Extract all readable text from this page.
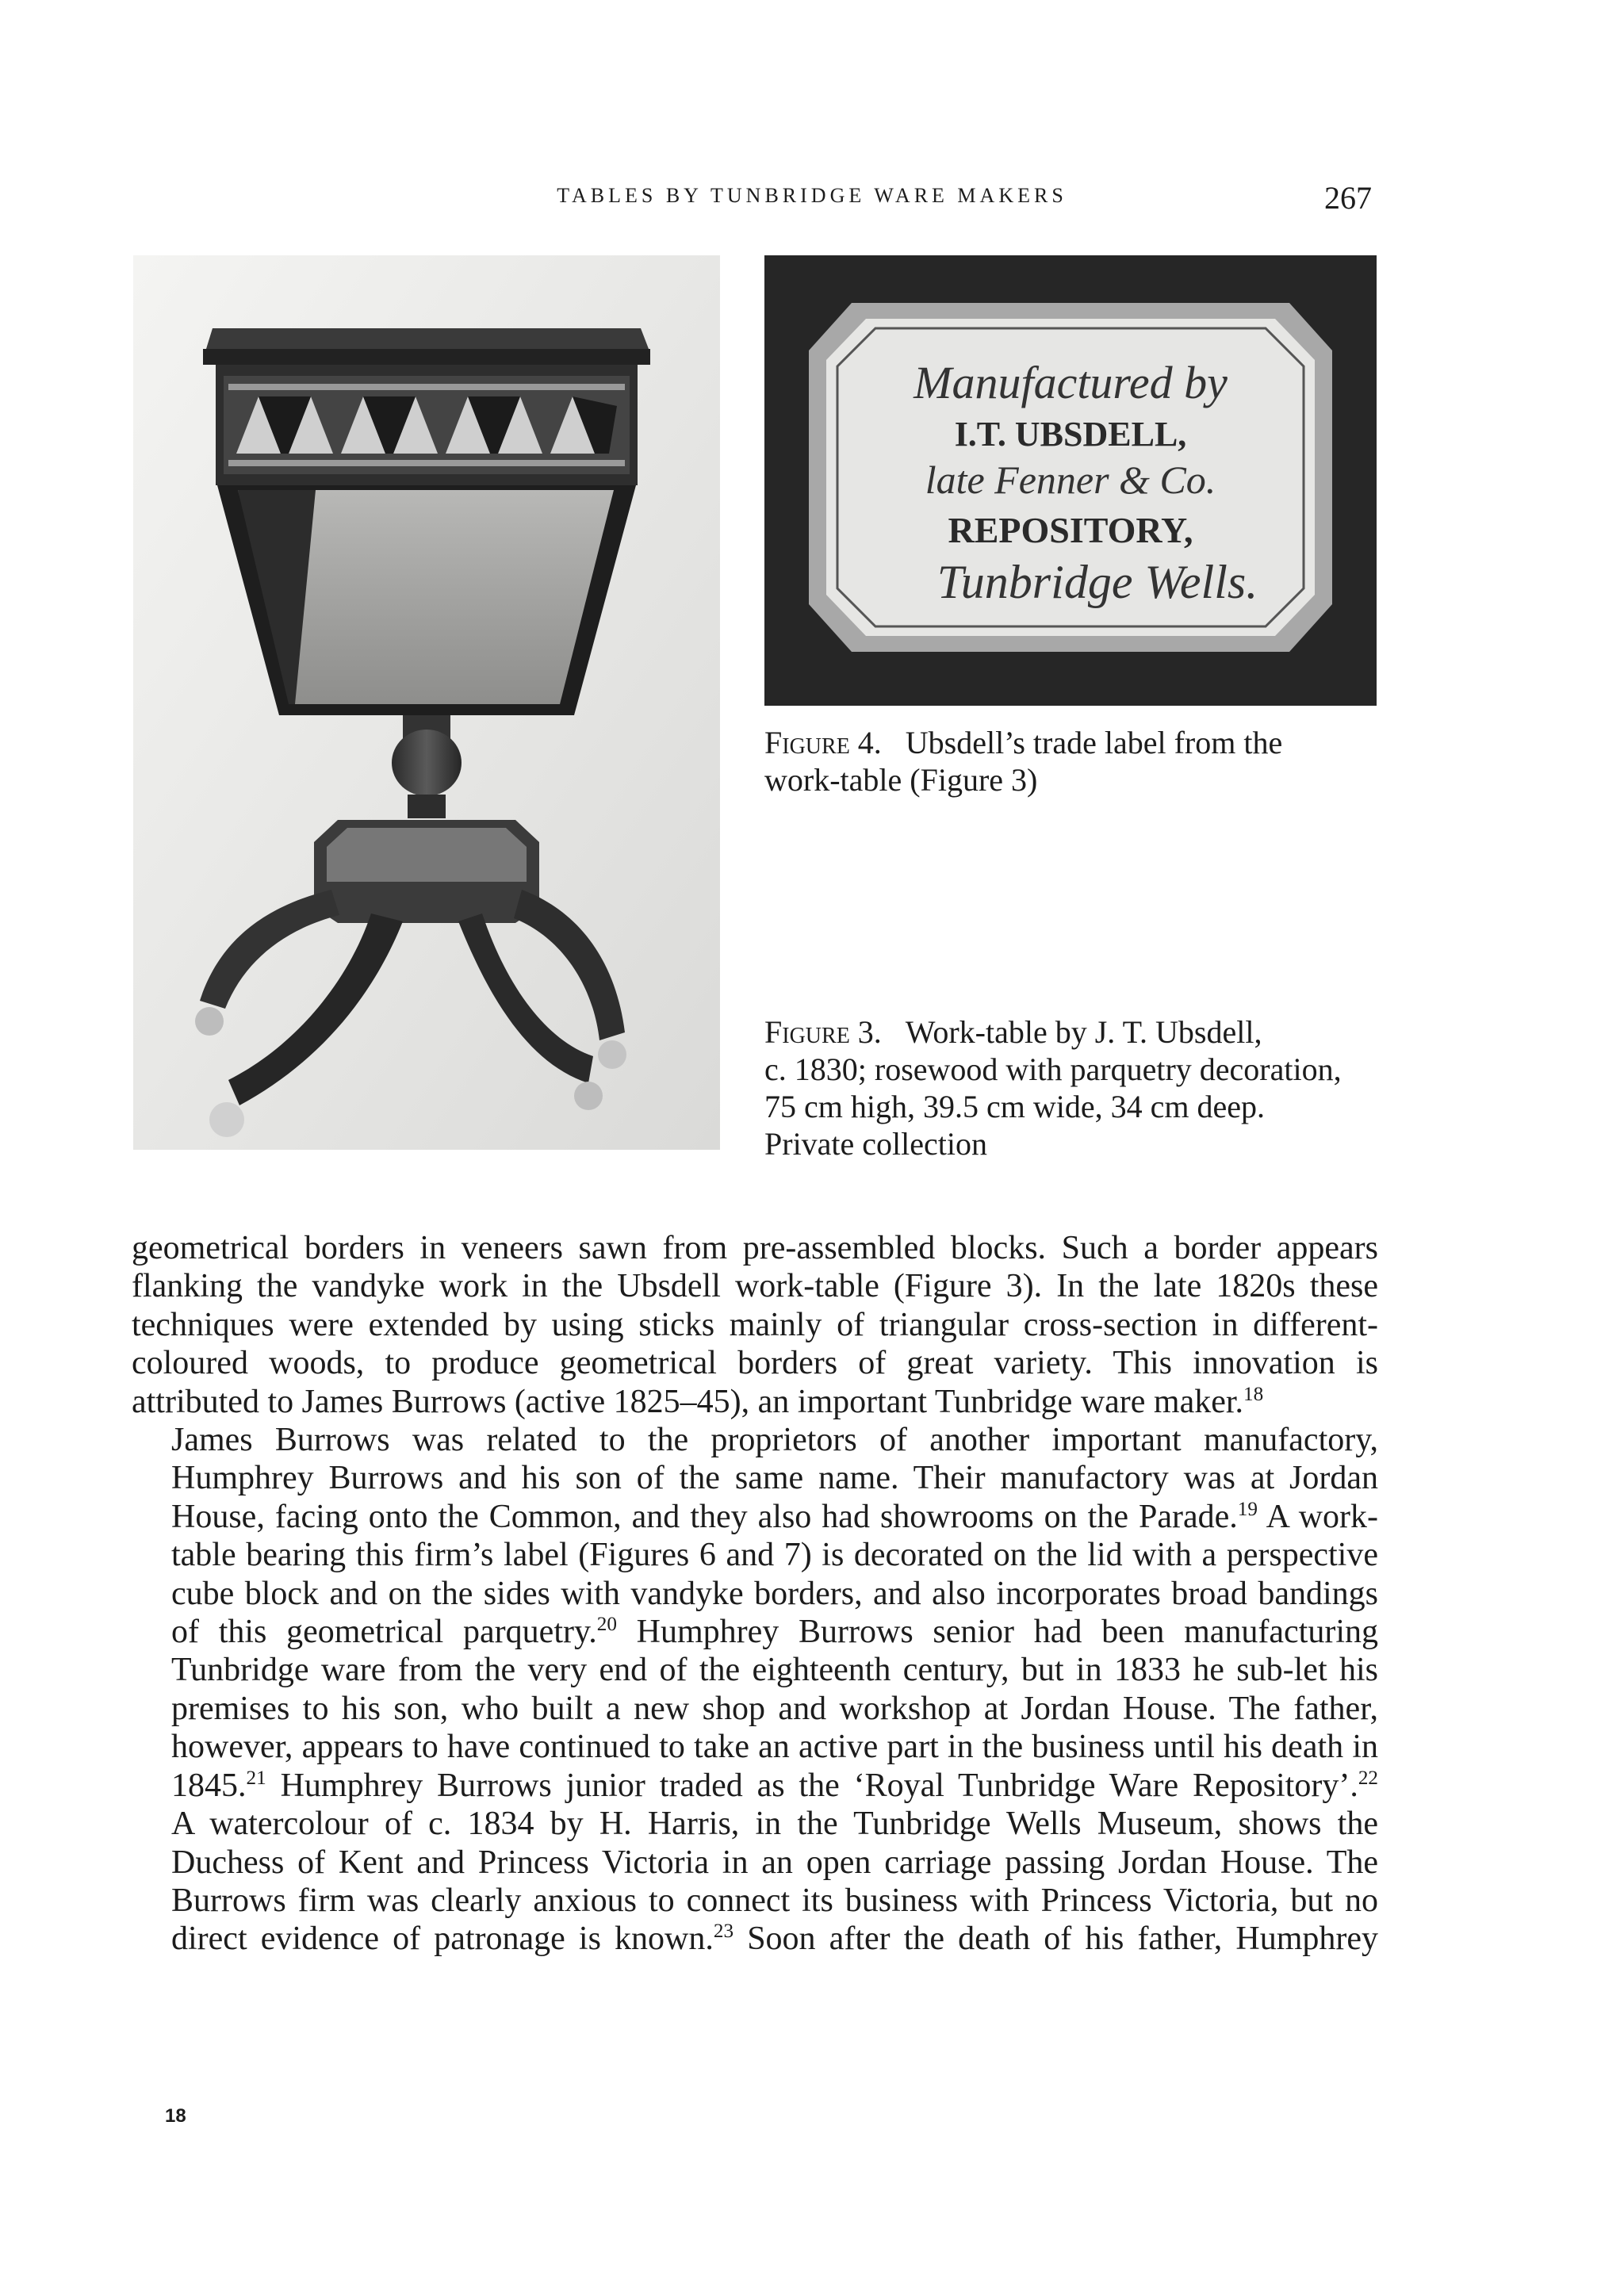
TABLES BY TUNBRIDGE WARE MAKERS	267
Manufactured by
I.T. UBSDELL,
late Fenner & Co.
REPOSITORY,
Tunbridge Wells.
Figure 4. Ubsdell’s trade label from the
work-table (Figure 3)
Figure 3. Work-table by J. T. Ubsdell,
c. 1830; rosewood with parquetry decoration,
75 cm high, 39.5 cm wide, 34 cm deep.
Private collection

geometrical borders in veneers sawn from pre-assembled blocks. Such a border appears
flanking the vandyke work in the Ubsdell work-table (Figure 3). In the late 1820s these
techniques were extended by using sticks mainly of triangular cross-section in different-
coloured woods, to produce geometrical borders of great variety. This innovation is
attributed to James Burrows (active 1825–45), an important Tunbridge ware maker.$^{18}$

James Burrows was related to the proprietors of another important manufactory,
Humphrey Burrows and his son of the same name. Their manufactory was at Jordan
House, facing onto the Common, and they also had showrooms on the Parade.$^{19}$ A work-
table bearing this firm’s label (Figures 6 and 7) is decorated on the lid with a perspective
cube block and on the sides with vandyke borders, and also incorporates broad bandings
of this geometrical parquetry.$^{20}$ Humphrey Burrows senior had been manufacturing
Tunbridge ware from the very end of the eighteenth century, but in 1833 he sub-let his
premises to his son, who built a new shop and workshop at Jordan House. The father,
however, appears to have continued to take an active part in the business until his death in
1845.21 Humphrey Burrows junior traded as the ‘Royal Tunbridge Ware Repository’.$^{22}$
A watercolour of c. 1834 by H. Harris, in the Tunbridge Wells Museum, shows the
Duchess of Kent and Princess Victoria in an open carriage passing Jordan House. The
Burrows firm was clearly anxious to connect its business with Princess Victoria, but no
direct evidence of patronage is known.$^{23}$ Soon after the death of his father, Humphrey

18
